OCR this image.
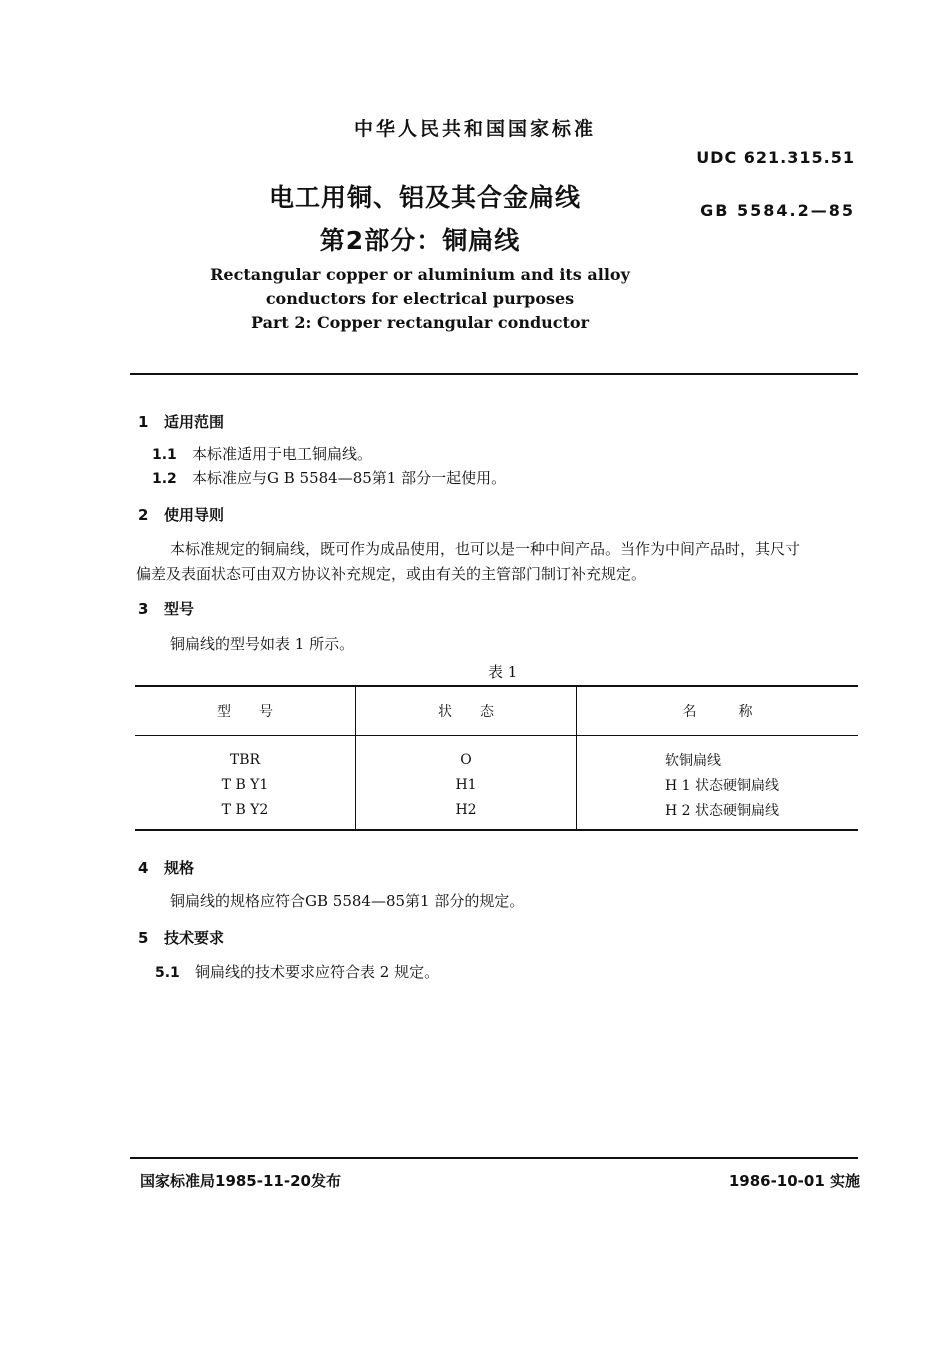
中华人民共和国国家标准
UDC 621.315.51
GB 5584.2—85
电工用铜、铝及其合金扁线
第2部分：铜扁线
Rectangular copper or aluminium and its alloy
conductors for electrical purposes
Part 2: Copper rectangular conductor
1 适用范围
1.1 本标准适用于电工铜扁线。
1.2 本标准应与G B 5584—85第1 部分一起使用。
2 使用导则
本标准规定的铜扁线，既可作为成品使用，也可以是一种中间产品。当作为中间产品时，其尺寸
偏差及表面状态可由双方协议补充规定，或由有关的主管部门制订补充规定。
3 型号
铜扁线的型号如表 1 所示。
表 1
型　　号	状　　态	名　　　称
TBR	O	软铜扁线
T B Y1	H1	H 1 状态硬铜扁线
T B Y2	H2	H 2 状态硬铜扁线
4 规格
铜扁线的规格应符合GB 5584—85第1 部分的规定。
5 技术要求
5.1 铜扁线的技术要求应符合表 2 规定。
国家标准局1985-11-20发布	1986-10-01 实施
